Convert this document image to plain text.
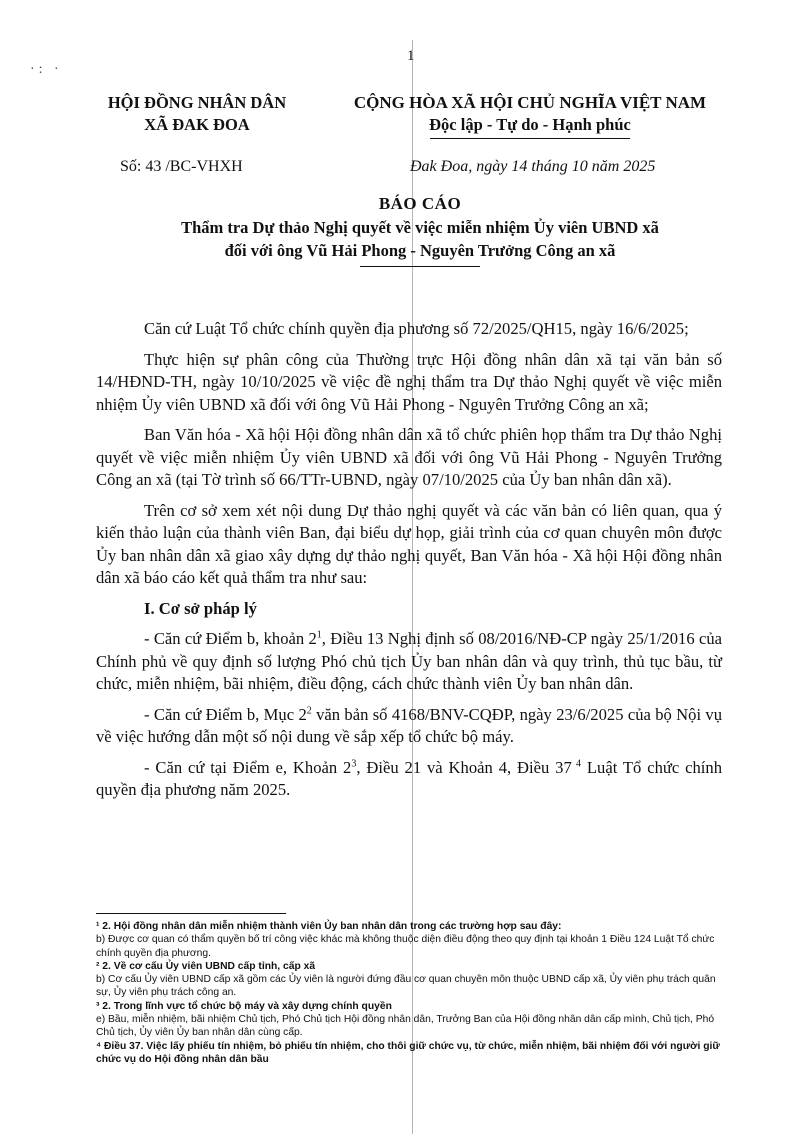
1
·: ·
HỘI ĐỒNG NHÂN DÂN
XÃ ĐAK ĐOA
CỘNG HÒA XÃ HỘI CHỦ NGHĨA VIỆT NAM
Độc lập - Tự do - Hạnh phúc
Số: 43 /BC-VHXH	Đak Đoa, ngày 14 tháng 10 năm 2025
BÁO CÁO
Thẩm tra Dự thảo Nghị quyết về việc miễn nhiệm Ủy viên UBND xã
đối với ông Vũ Hải Phong - Nguyên Trưởng Công an xã

Căn cứ Luật Tổ chức chính quyền địa phương số 72/2025/QH15, ngày 16/6/2025;

Thực hiện sự phân công của Thường trực Hội đồng nhân dân xã tại văn bản số 14/HĐND-TH, ngày 10/10/2025 về việc đề nghị thẩm tra Dự thảo Nghị quyết về việc miễn nhiệm Ủy viên UBND xã đối với ông Vũ Hải Phong - Nguyên Trưởng Công an xã;

Ban Văn hóa - Xã hội Hội đồng nhân dân xã tổ chức phiên họp thẩm tra Dự thảo Nghị quyết về việc miễn nhiệm Ủy viên UBND xã đối với ông Vũ Hải Phong - Nguyên Trưởng Công an xã (tại Tờ trình số 66/TTr-UBND, ngày 07/10/2025 của Ủy ban nhân dân xã).

Trên cơ sở xem xét nội dung Dự thảo nghị quyết và các văn bản có liên quan, qua ý kiến thảo luận của thành viên Ban, đại biểu dự họp, giải trình của cơ quan chuyên môn được Ủy ban nhân dân xã giao xây dựng dự thảo nghị quyết, Ban Văn hóa - Xã hội Hội đồng nhân dân xã báo cáo kết quả thẩm tra như sau:

I. Cơ sở pháp lý

- Căn cứ Điểm b, khoản $2^1$, Điều 13 Nghị định số 08/2016/NĐ-CP ngày 25/1/2016 của Chính phủ về quy định số lượng Phó chủ tịch Ủy ban nhân dân và quy trình, thủ tục bầu, từ chức, miễn nhiệm, bãi nhiệm, điều động, cách chức thành viên Ủy ban nhân dân.

- Căn cứ Điểm b, Mục $2^2$ văn bản số 4168/BNV-CQĐP, ngày 23/6/2025 của bộ Nội vụ về việc hướng dẫn một số nội dung về sắp xếp tổ chức bộ máy.

- Căn cứ tại Điểm e, Khoản $2^3$, Điều 21 và Khoản 4, Điều 37 $^4$ Luật Tổ chức chính quyền địa phương năm 2025.

¹ 2. Hội đồng nhân dân miễn nhiệm thành viên Ủy ban nhân dân trong các trường hợp sau đây:

b) Được cơ quan có thẩm quyền bố trí công việc khác mà không thuộc diện điều động theo quy định tại khoản 1 Điều 124 Luật Tổ chức chính quyền địa phương.

² 2. Về cơ cấu Ủy viên UBND cấp tỉnh, cấp xã

b) Cơ cấu Ủy viên UBND cấp xã gồm các Ủy viên là người đứng đầu cơ quan chuyên môn thuộc UBND cấp xã, Ủy viên phụ trách quân sự, Ủy viên phụ trách công an.

³ 2. Trong lĩnh vực tổ chức bộ máy và xây dựng chính quyền

e) Bầu, miễn nhiệm, bãi nhiệm Chủ tịch, Phó Chủ tịch Hội đồng nhân dân, Trưởng Ban của Hội đồng nhân dân cấp mình, Chủ tịch, Phó Chủ tịch, Ủy viên Ủy ban nhân dân cùng cấp.

⁴ Điều 37. Việc lấy phiếu tín nhiệm, bỏ phiếu tín nhiệm, cho thôi giữ chức vụ, từ chức, miễn nhiệm, bãi nhiệm đối với người giữ chức vụ do Hội đồng nhân dân bầu
